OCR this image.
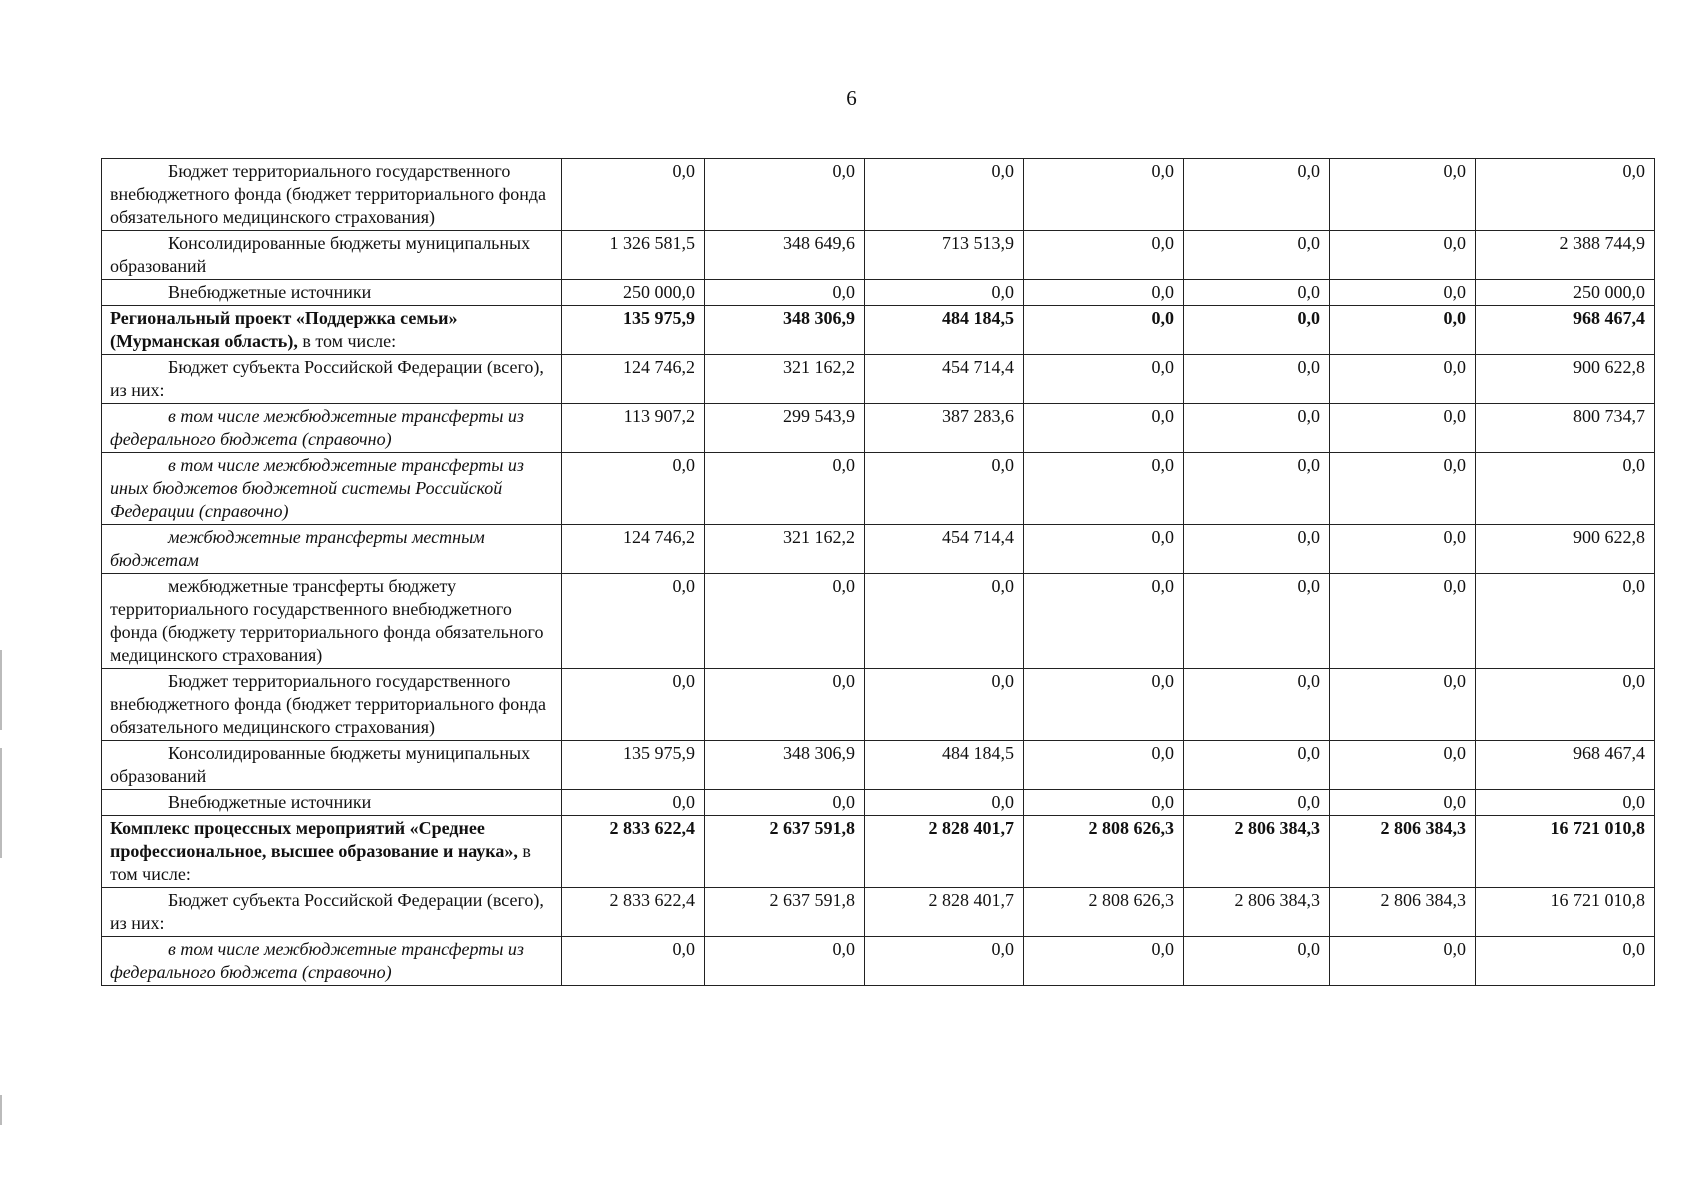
6
Бюджет территориального государственного внебюджетного фонда (бюджет территориального фонда обязательного медицинского страхования)	0,0	0,0	0,0	0,0	0,0	0,0	0,0
Консолидированные бюджеты муниципальных образований	1 326 581,5	348 649,6	713 513,9	0,0	0,0	0,0	2 388 744,9
Внебюджетные источники	250 000,0	0,0	0,0	0,0	0,0	0,0	250 000,0
Региональный проект «Поддержка семьи» (Мурманская область), в том числе:	135 975,9	348 306,9	484 184,5	0,0	0,0	0,0	968 467,4
Бюджет субъекта Российской Федерации (всего), из них:	124 746,2	321 162,2	454 714,4	0,0	0,0	0,0	900 622,8
в том числе межбюджетные трансферты из федерального бюджета (справочно)	113 907,2	299 543,9	387 283,6	0,0	0,0	0,0	800 734,7
в том числе межбюджетные трансферты из иных бюджетов бюджетной системы Российской Федерации (справочно)	0,0	0,0	0,0	0,0	0,0	0,0	0,0
межбюджетные трансферты местным бюджетам	124 746,2	321 162,2	454 714,4	0,0	0,0	0,0	900 622,8
межбюджетные трансферты бюджету территориального государственного внебюджетного фонда (бюджету территориального фонда обязательного медицинского страхования)	0,0	0,0	0,0	0,0	0,0	0,0	0,0
Бюджет территориального государственного внебюджетного фонда (бюджет территориального фонда обязательного медицинского страхования)	0,0	0,0	0,0	0,0	0,0	0,0	0,0
Консолидированные бюджеты муниципальных образований	135 975,9	348 306,9	484 184,5	0,0	0,0	0,0	968 467,4
Внебюджетные источники	0,0	0,0	0,0	0,0	0,0	0,0	0,0
Комплекс процессных мероприятий «Среднее профессиональное, высшее образование и наука», в том числе:	2 833 622,4	2 637 591,8	2 828 401,7	2 808 626,3	2 806 384,3	2 806 384,3	16 721 010,8
Бюджет субъекта Российской Федерации (всего), из них:	2 833 622,4	2 637 591,8	2 828 401,7	2 808 626,3	2 806 384,3	2 806 384,3	16 721 010,8
в том числе межбюджетные трансферты из федерального бюджета (справочно)	0,0	0,0	0,0	0,0	0,0	0,0	0,0
